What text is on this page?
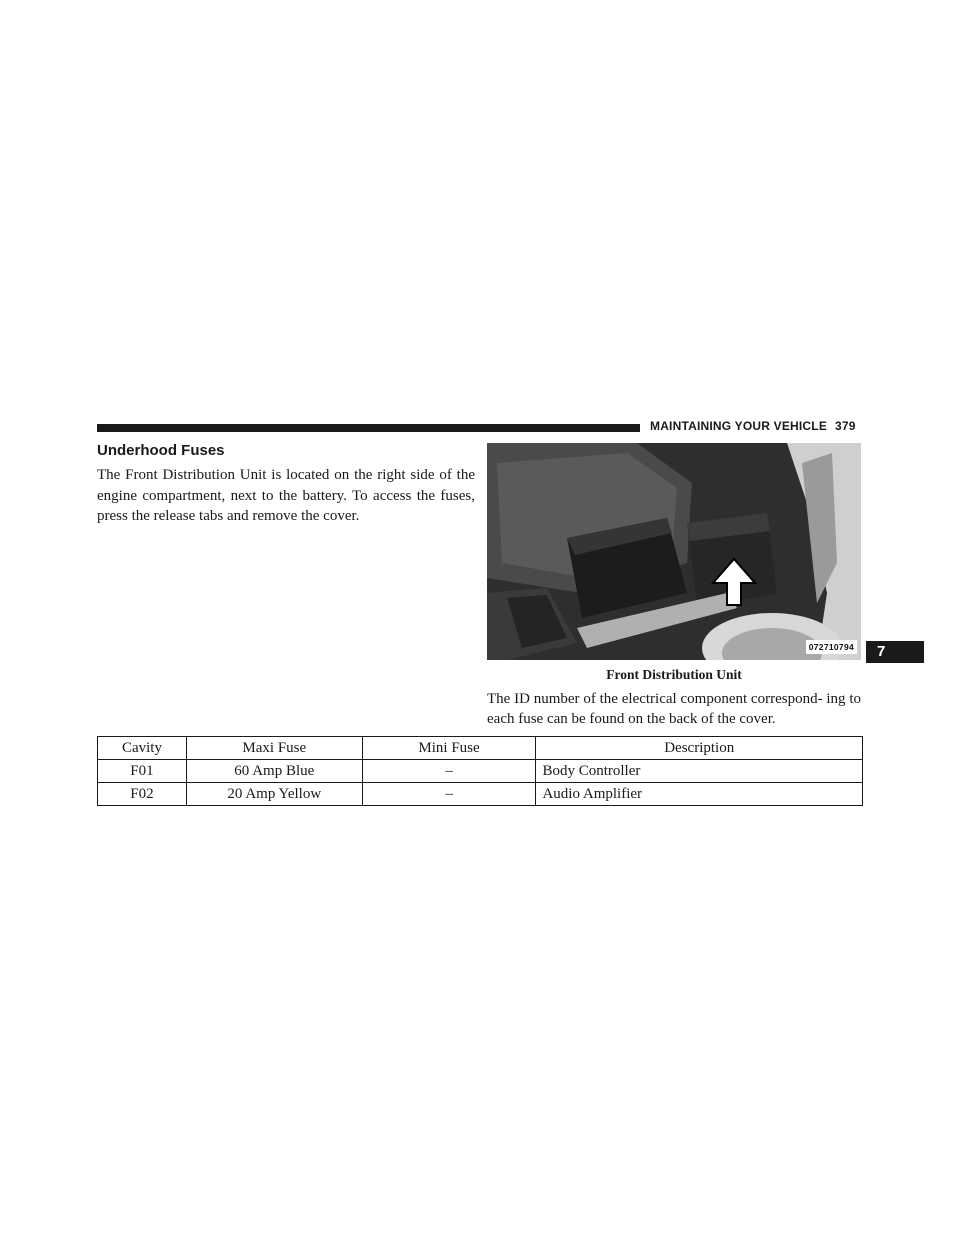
MAINTAINING YOUR VEHICLE 379
Underhood Fuses

The Front Distribution Unit is located on the right side of the engine compartment, next to the battery. To access the fuses, press the release tabs and remove the cover.

072710794
Front Distribution Unit

The ID number of the electrical component correspond- ing to each fuse can be found on the back of the cover.

7
Cavity	Maxi Fuse	Mini Fuse	Description
F01	60 Amp Blue	–	Body Controller
F02	20 Amp Yellow	–	Audio Amplifier
